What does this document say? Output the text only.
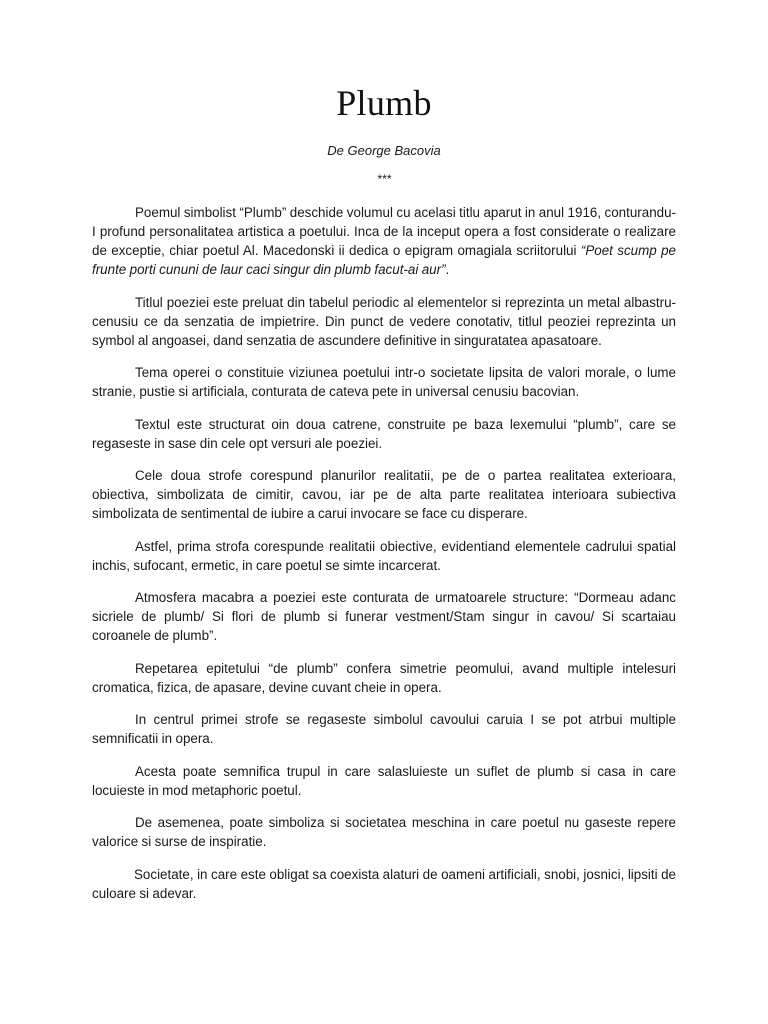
Plumb

De George Bacovia

***

Poemul simbolist “Plumb” deschide volumul cu acelasi titlu aparut in anul 1916, conturandu-I profund personalitatea artistica a poetului. Inca de la inceput opera a fost considerate o realizare de exceptie, chiar poetul Al. Macedonski ii dedica o epigram omagiala scriitorului “Poet scump pe frunte porti cununi de laur caci singur din plumb facut-ai aur”.

Titlul poeziei este preluat din tabelul periodic al elementelor si reprezinta un metal albastru-cenusiu ce da senzatia de impietrire. Din punct de vedere conotativ, titlul peoziei reprezinta un symbol al angoasei, dand senzatia de ascundere definitive in singuratatea apasatoare.

Tema operei o constituie viziunea poetului intr-o societate lipsita de valori morale, o lume stranie, pustie si artificiala, conturata de cateva pete in universal cenusiu bacovian.

Textul este structurat oin doua catrene, construite pe baza lexemului “plumb”, care se regaseste in sase din cele opt versuri ale poeziei.

Cele doua strofe corespund planurilor realitatii, pe de o partea realitatea exterioara, obiectiva, simbolizata de cimitir, cavou, iar pe de alta parte realitatea interioara subiectiva simbolizata de sentimental de iubire a carui invocare se face cu disperare.

Astfel, prima strofa corespunde realitatii obiective, evidentiand elementele cadrului spatial inchis, sufocant, ermetic, in care poetul se simte incarcerat.

Atmosfera macabra a poeziei este conturata de urmatoarele structure: “Dormeau adanc sicriele de plumb/ Si flori de plumb si funerar vestment/Stam singur in cavou/ Si scartaiau coroanele de plumb”.

Repetarea epitetului “de plumb” confera simetrie peomului, avand multiple intelesuri cromatica, fizica, de apasare, devine cuvant cheie in opera.

In centrul primei strofe se regaseste simbolul cavoului caruia I se pot atrbui multiple semnificatii in opera.

Acesta poate semnifica trupul in care salasluieste un suflet de plumb si casa in care locuieste in mod metaphoric poetul.

De asemenea, poate simboliza si societatea meschina in care poetul nu gaseste repere valorice si surse de inspiratie.

Societate, in care este obligat sa coexista alaturi de oameni artificiali, snobi, josnici, lipsiti de culoare si adevar.
